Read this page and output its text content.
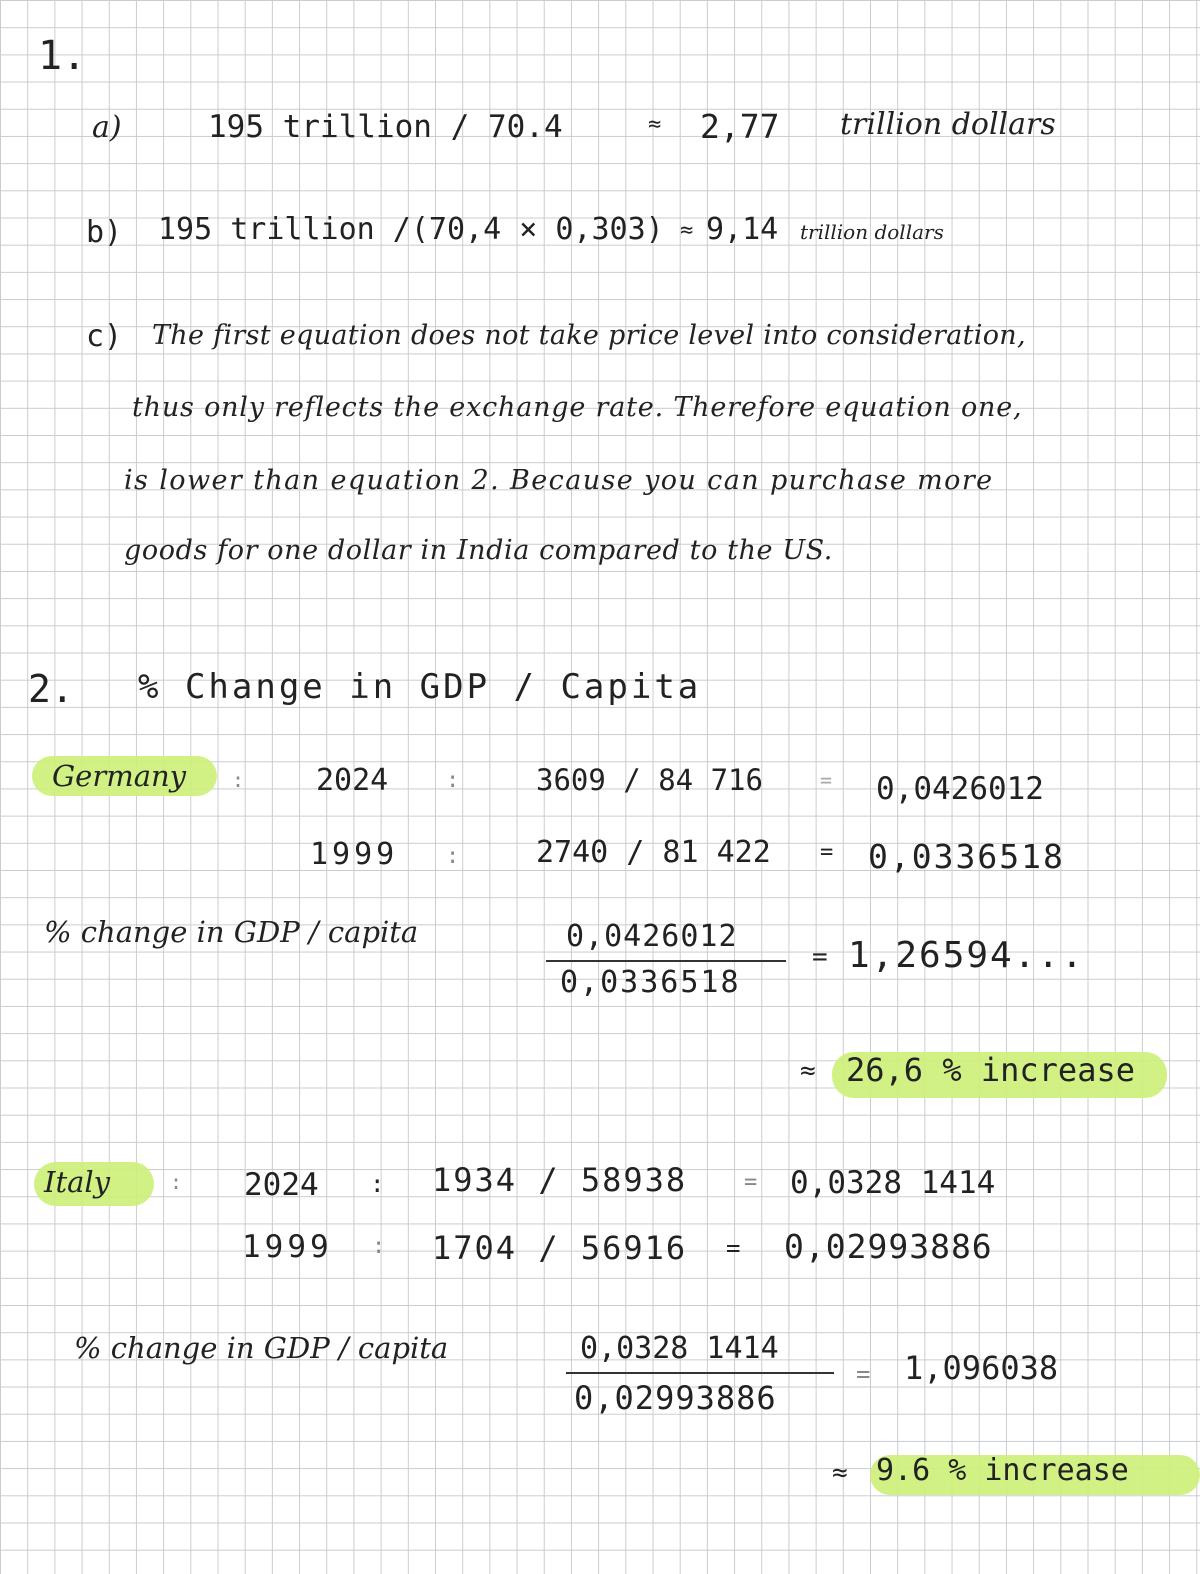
1.
a)	195 trillion / 70.4	≈ 2,77 trillion dollars
b) 195 trillion /(70,4 × 0,303) ≈ 9,14 trillion dollars
c) The first equation does not take price level into consideration,
thus only reflects the exchange rate. Therefore equation one,
is lower than equation 2. Because you can purchase more
goods for one dollar in India compared to the US.
2. % Change in GDP / Capita
Germany : 2024	:	3609 / 84 716	= 0,0426012
1999 :	2740 / 81 422 = 0,0336518
% change in GDP / capita	0,0426012
0,0336518
= 1,26594...
≈ 26,6 % increase
Italy	: 2024 : 1934 / 58938	= 0,0328 1414
1999 : 1704 / 56916 = 0,02993886
% change in GDP / capita	0,0328 1414
0,02993886
= 1,096038
≈ 9.6 % increase
